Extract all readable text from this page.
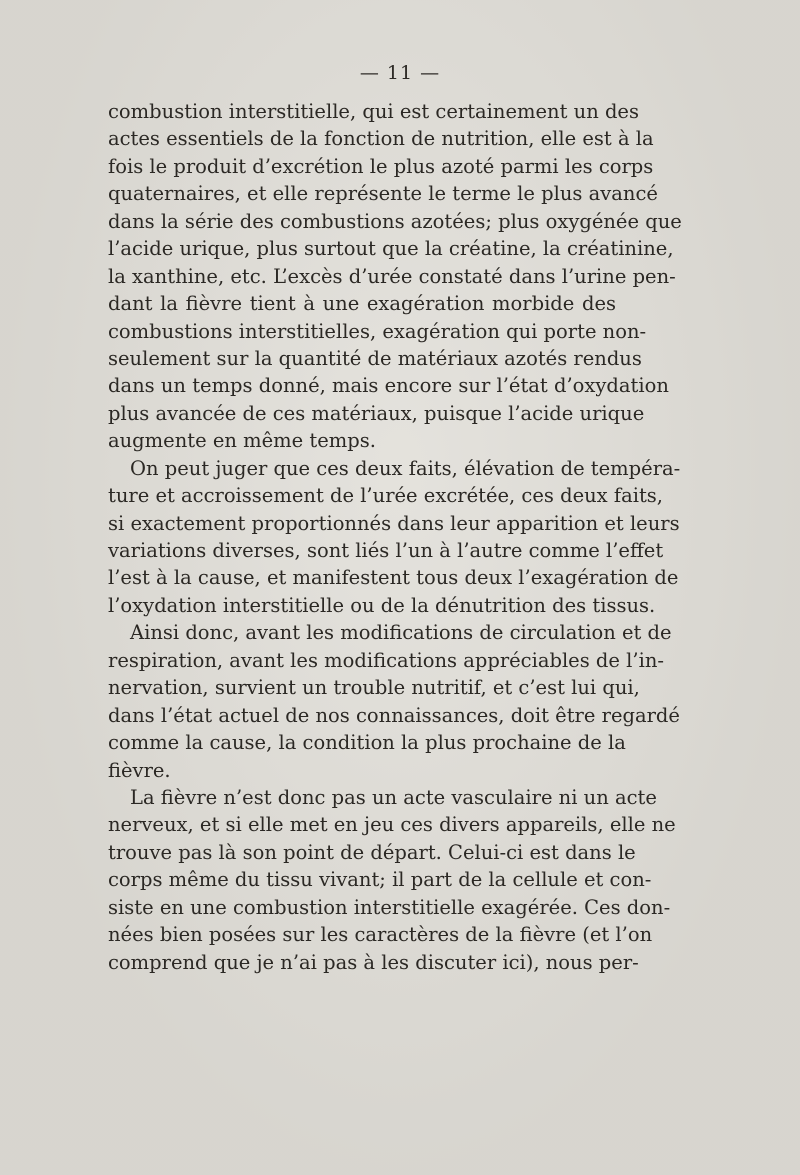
— 11 —
combustion interstitielle, qui est certainement un des
actes essentiels de la fonction de nutrition, elle est à la
fois le produit d’excrétion le plus azoté parmi les corps
quaternaires, et elle représente le terme le plus avancé
dans la série des combustions azotées; plus oxygénée que
l’acide urique, plus surtout que la créatine, la créatinine,
la xanthine, etc. L’excès d’urée constaté dans l’urine pen-
dant la fièvre tient à une exagération morbide des
combustions interstitielles, exagération qui porte non-
seulement sur la quantité de matériaux azotés rendus
dans un temps donné, mais encore sur l’état d’oxydation
plus avancée de ces matériaux, puisque l’acide urique
augmente en même temps.
On peut juger que ces deux faits, élévation de tempéra-
ture et accroissement de l’urée excrétée, ces deux faits,
si exactement proportionnés dans leur apparition et leurs
variations diverses, sont liés l’un à l’autre comme l’effet
l’est à la cause, et manifestent tous deux l’exagération de
l’oxydation interstitielle ou de la dénutrition des tissus.
Ainsi donc, avant les modifications de circulation et de
respiration, avant les modifications appréciables de l’in-
nervation, survient un trouble nutritif, et c’est lui qui,
dans l’état actuel de nos connaissances, doit être regardé
comme la cause, la condition la plus prochaine de la
fièvre.
La fièvre n’est donc pas un acte vasculaire ni un acte
nerveux, et si elle met en jeu ces divers appareils, elle ne
trouve pas là son point de départ. Celui-ci est dans le
corps même du tissu vivant; il part de la cellule et con-
siste en une combustion interstitielle exagérée. Ces don-
nées bien posées sur les caractères de la fièvre (et l’on
comprend que je n’ai pas à les discuter ici), nous per-
